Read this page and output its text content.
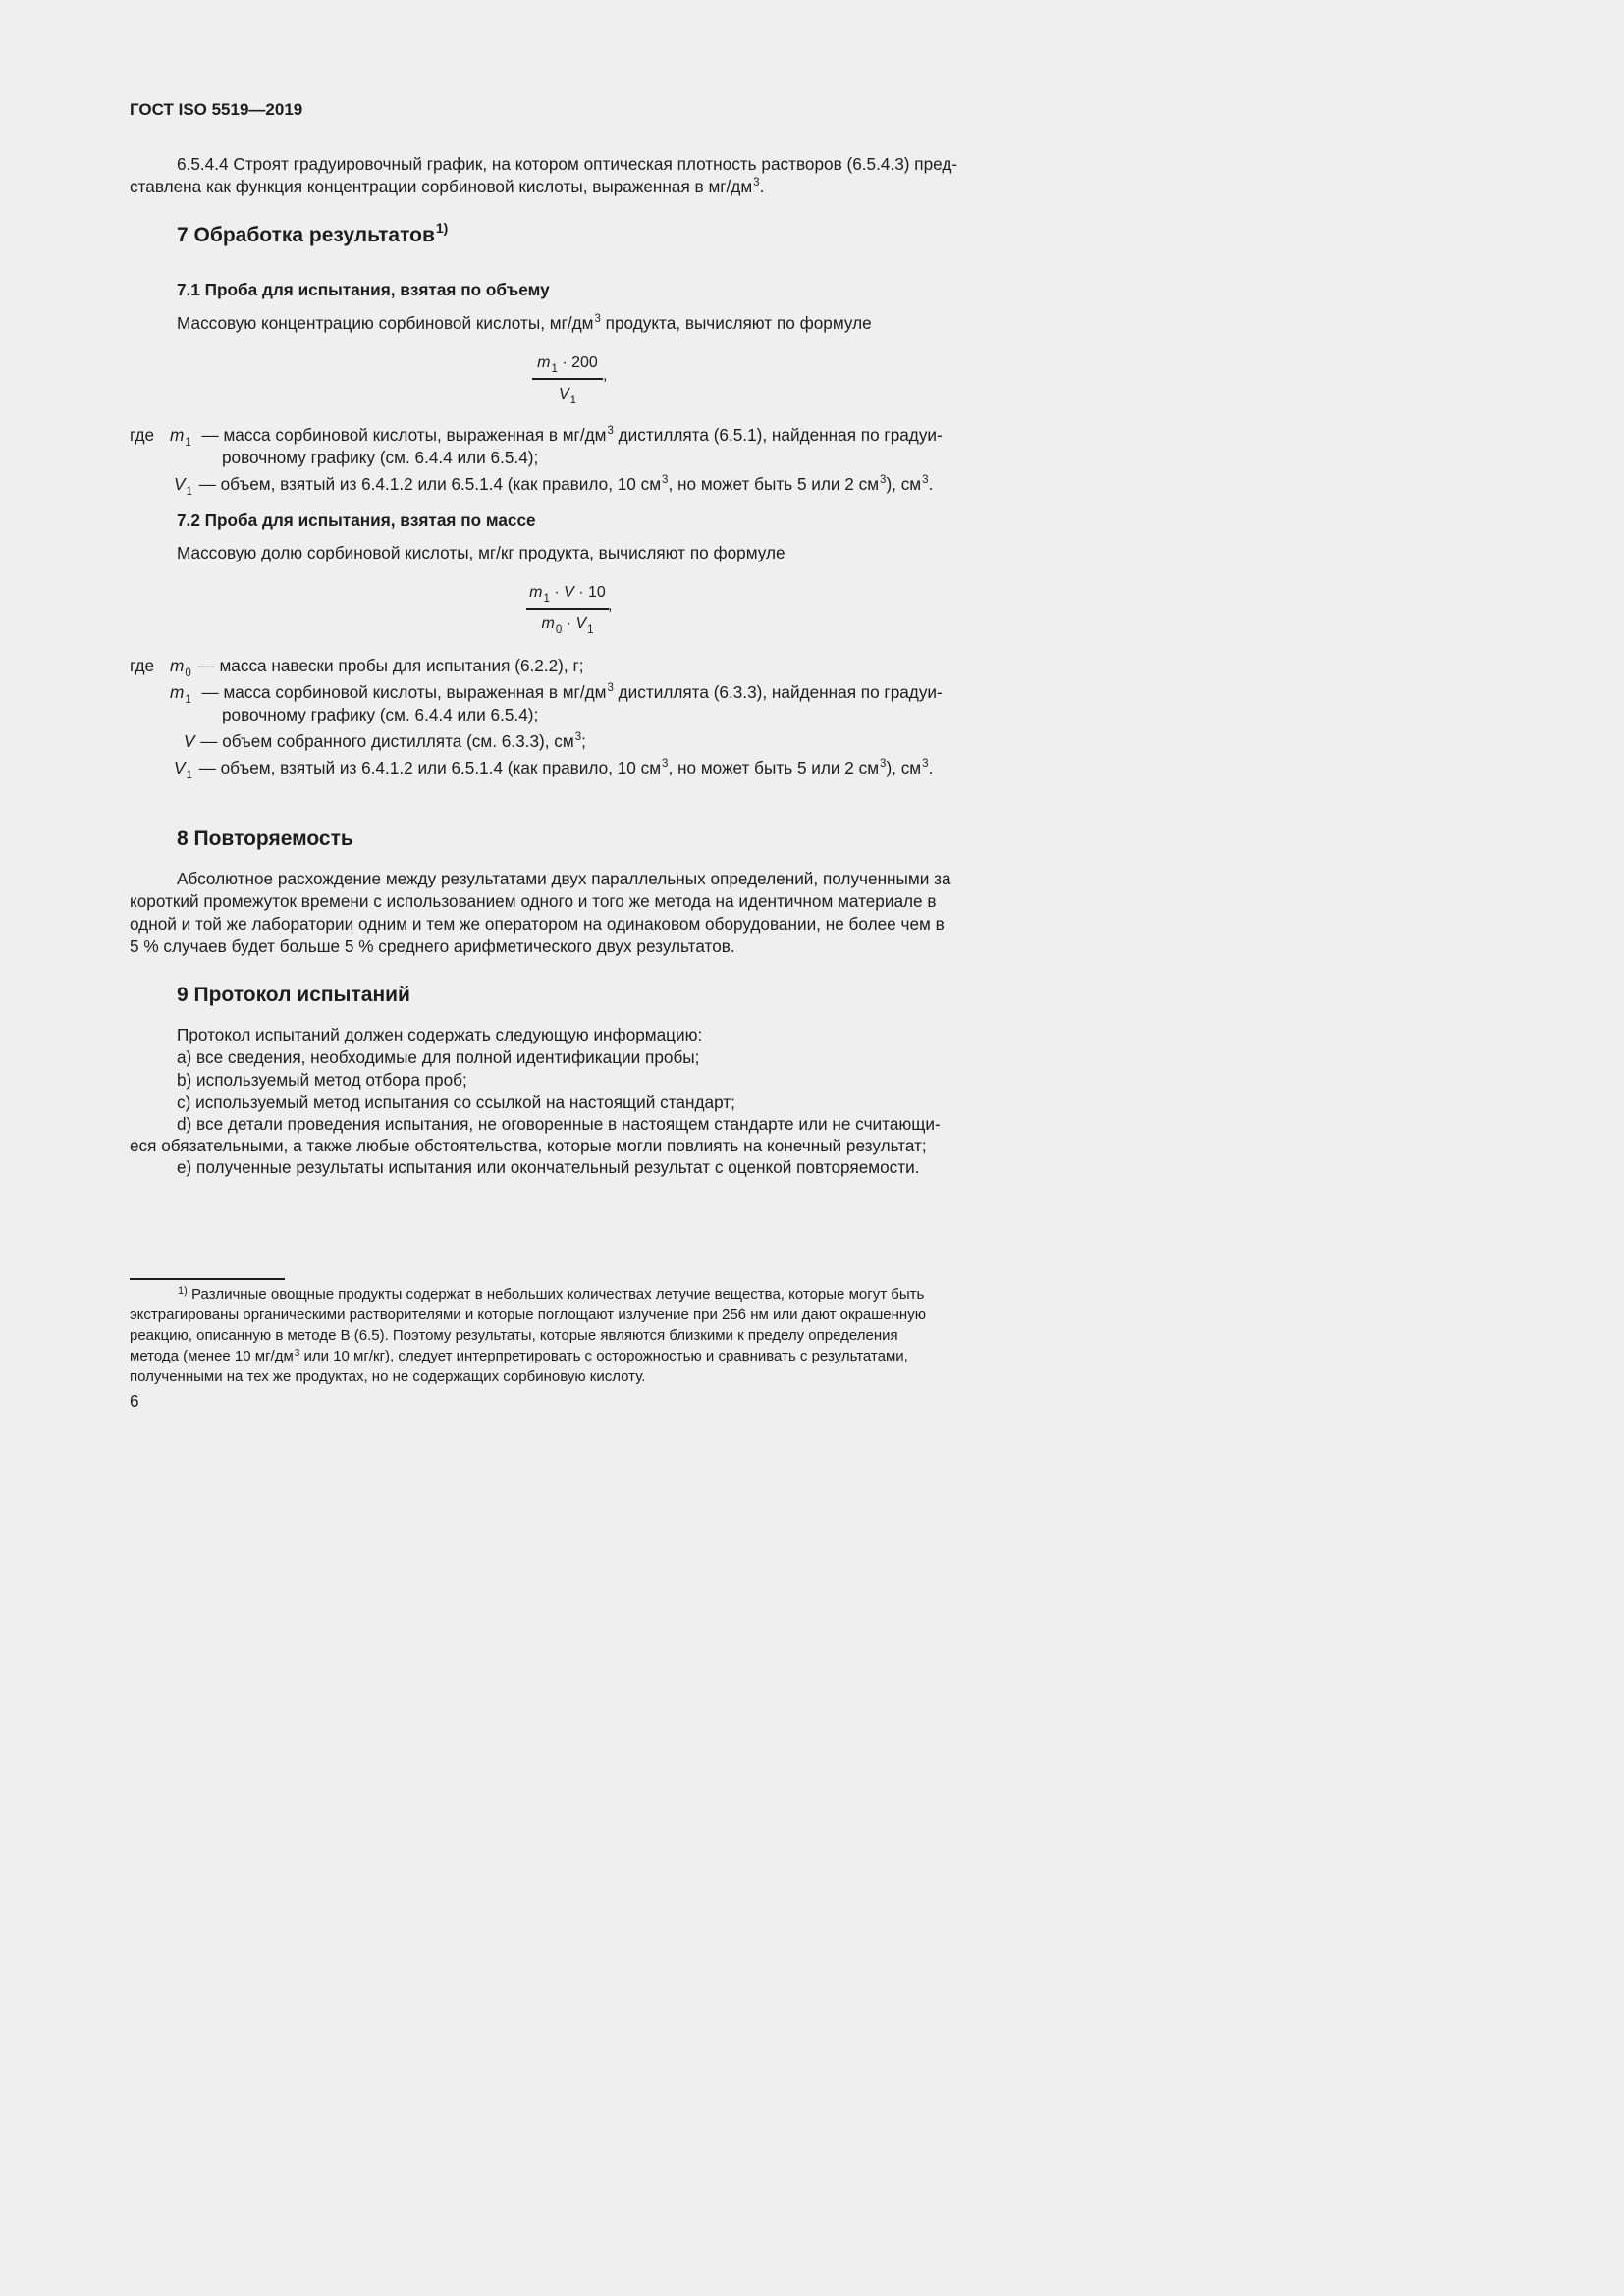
ГОСТ ISO 5519—2019
6.5.4.4 Строят градуировочный график, на котором оптическая плотность растворов (6.5.4.3) пред-
ставлена как функция концентрации сорбиновой кислоты, выраженная в $мг/дм^3$.
7 Обработка результатов$^{1)}$
7.1 Проба для испытания, взятая по объему
Массовую концентрацию сорбиновой кислоты, $мг/дм^3$ продукта, вычисляют по формуле
$m_1 \cdot 200$
$V_1$
,
где $m_1$ — масса сорбиновой кислоты, выраженная в $мг/дм^3$ дистиллята (6.5.1), найденная по градуи-
ровочному графику (см. 6.4.4 или 6.5.4);
$V_1$ — объем, взятый из 6.4.1.2 или 6.5.1.4 (как правило, 10 $см^3$, но может быть 5 или 2 $см^3$), $см^3$.
7.2 Проба для испытания, взятая по массе
Массовую долю сорбиновой кислоты, мг/кг продукта, вычисляют по формуле
$m_1 \cdot V \cdot 10$
$m_0 \cdot V_1$
,
где $m_0$ — масса навески пробы для испытания (6.2.2), г;
$m_1$ — масса сорбиновой кислоты, выраженная в $мг/дм^3$ дистиллята (6.3.3), найденная по градуи-
ровочному графику (см. 6.4.4 или 6.5.4);
V — объем собранного дистиллята (см. 6.3.3), $см^3$;
$V_1$ — объем, взятый из 6.4.1.2 или 6.5.1.4 (как правило, 10 $см^3$, но может быть 5 или 2 $см^3$), $см^3$.
8 Повторяемость
Абсолютное расхождение между результатами двух параллельных определений, полученными за
короткий промежуток времени с использованием одного и того же метода на идентичном материале в
одной и той же лаборатории одним и тем же оператором на одинаковом оборудовании, не более чем в
5 % случаев будет больше 5 % среднего арифметического двух результатов.
9 Протокол испытаний
Протокол испытаний должен содержать следующую информацию:
a) все сведения, необходимые для полной идентификации пробы;
b) используемый метод отбора проб;
c) используемый метод испытания со ссылкой на настоящий стандарт;
d) все детали проведения испытания, не оговоренные в настоящем стандарте или не считающи-
еся обязательными, а также любые обстоятельства, которые могли повлиять на конечный результат;
e) полученные результаты испытания или окончательный результат с оценкой повторяемости.
$^{1)}$ Различные овощные продукты содержат в небольших количествах летучие вещества, которые могут быть
экстрагированы органическими растворителями и которые поглощают излучение при 256 нм или дают окрашенную
реакцию, описанную в методе В (6.5). Поэтому результаты, которые являются близкими к пределу определения
метода (менее 10 $мг/дм^3$ или 10 мг/кг), следует интерпретировать с осторожностью и сравнивать с результатами,
полученными на тех же продуктах, но не содержащих сорбиновую кислоту.
6
